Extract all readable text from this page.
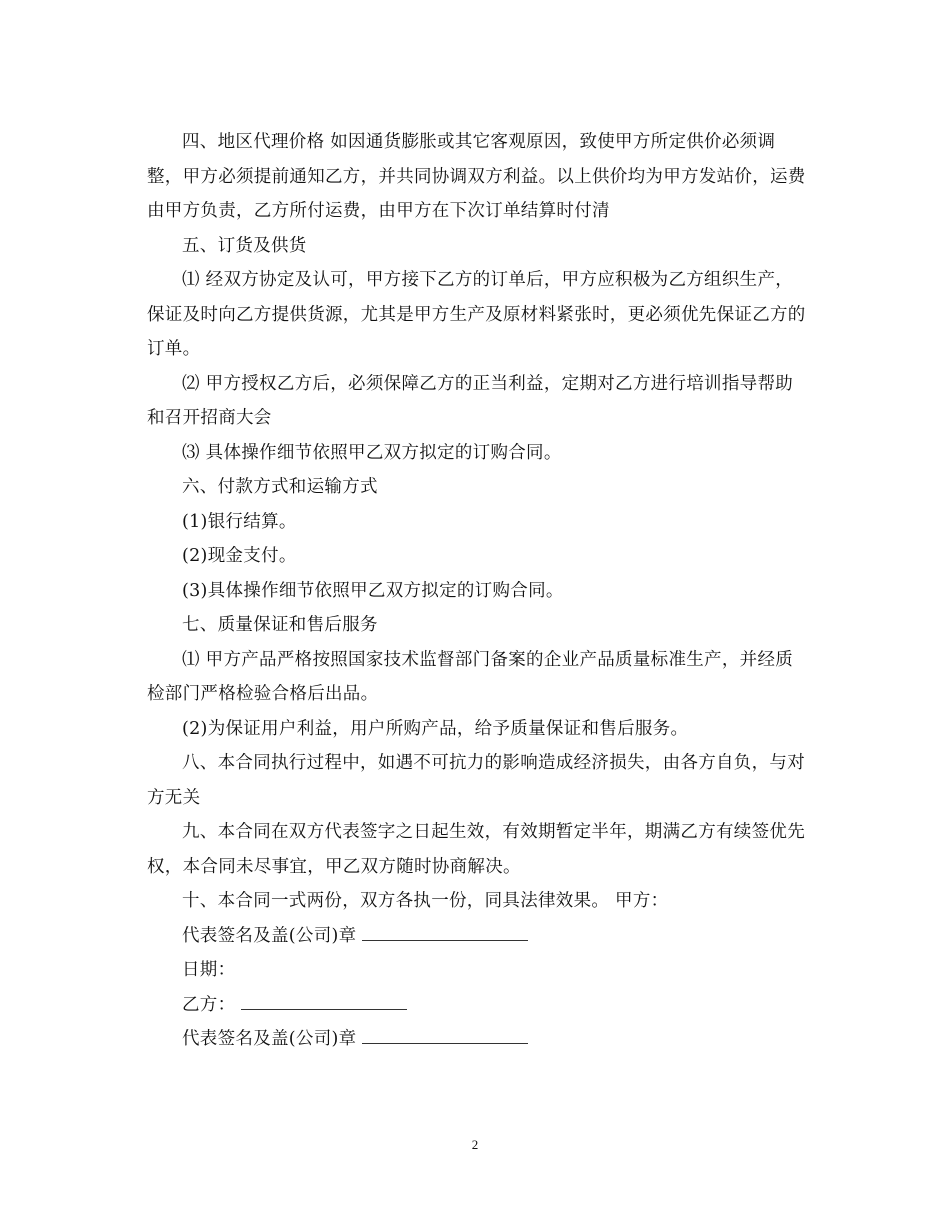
四、地区代理价格 如因通货膨胀或其它客观原因，致使甲方所定供价必须调整，甲方必须提前通知乙方，并共同协调双方利益。以上供价均为甲方发站价，运费由甲方负责，乙方所付运费，由甲方在下次订单结算时付清

五、订货及供货

⑴ 经双方协定及认可，甲方接下乙方的订单后，甲方应积极为乙方组织生产，保证及时向乙方提供货源，尤其是甲方生产及原材料紧张时，更必须优先保证乙方的订单。

⑵ 甲方授权乙方后，必须保障乙方的正当利益，定期对乙方进行培训指导帮助和召开招商大会

⑶ 具体操作细节依照甲乙双方拟定的订购合同。

六、付款方式和运输方式

(1)银行结算。

(2)现金支付。

(3)具体操作细节依照甲乙双方拟定的订购合同。

七、质量保证和售后服务

⑴ 甲方产品严格按照国家技术监督部门备案的企业产品质量标准生产，并经质检部门严格检验合格后出品。

(2)为保证用户利益，用户所购产品，给予质量保证和售后服务。

八、本合同执行过程中，如遇不可抗力的影响造成经济损失，由各方自负，与对方无关

九、本合同在双方代表签字之日起生效，有效期暂定半年，期满乙方有续签优先权，本合同未尽事宜，甲乙双方随时协商解决。

十、本合同一式两份，双方各执一份，同具法律效果。 甲方：

代表签名及盖(公司)章
日期：
乙方：
代表签名及盖(公司)章
2
